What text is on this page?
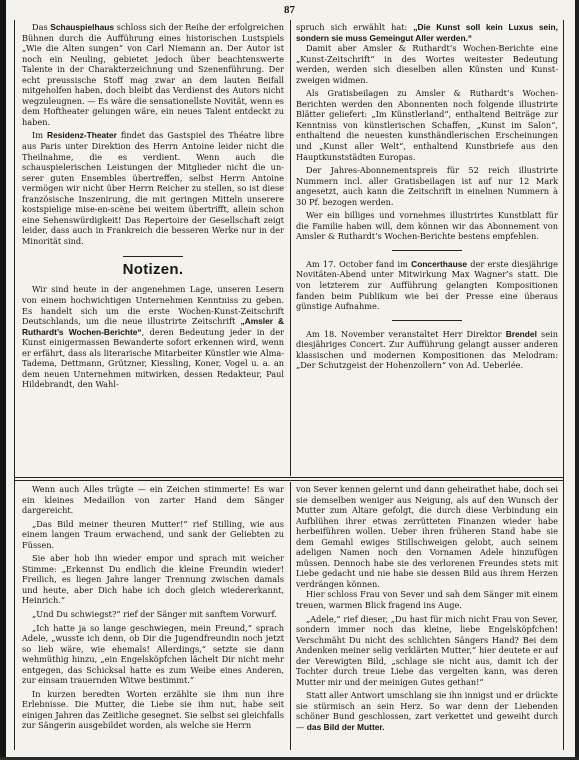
87

Das Schauspielhaus schloss sich der Reihe der erfolgreichen Bühnen durch die Aufführung eines historischen Lustspiels „Wie die Alten sungen“ von Carl Niemann an. Der Autor ist noch ein Neuling, gebietet jedoch über beachtenswerte Talente in der Charakterzeichnung und Szenenführung. Der echt preussische Stoff mag zwar an dem lauten Beifall mitgeholfen haben, doch bleibt das Verdienst des Autors nicht wegzuleugnen. — Es wäre die sensationellste Novität, wenn es dem Hoftheater gelungen wäre, ein neues Talent entdeckt zu haben.

Im Residenz-Theater findet das Gastspiel des Théatre libre aus Paris unter Direktion des Herrn Antoine leider nicht die Theilnahme, die es verdient. Wenn auch die schauspielerischen Leistungen der Mitglieder nicht die unserer guten Ensembles übertreffen, selbst Herrn Antoine vermögen wir nicht über Herrn Reicher zu stellen, so ist diese französische Inszenirung, die mit geringen Mitteln unserere kostspielige mise-en-scène bei weitem übertrifft, allein schon eine Sehenswürdigkeit! Das Repertoire der Gesellschaft zeigt leider, dass auch in Frankreich die besseren Werke nur in der Minorität sind.

Notizen.

Wir sind heute in der angenehmen Lage, unseren Lesern von einem hochwichtigen Unternehmen Kenntniss zu geben. Es handelt sich um die erste Wochen-Kunst-Zeitschrift Deutschlands, um die neue illustrirte Zeitschrift „Amsler & Ruthardt’s Wochen-Berichte“, deren Bedeutung jeder in der Kunst einigermassen Bewanderte sofort erkennen wird, wenn er erfährt, dass als literarische Mitarbeiter Künstler wie Alma-Tadema, Dettmann, Grützner, Kiessling, Koner, Vogel u. a. an dem neuen Unternehmen mitwirken, dessen Redakteur, Paul Hildebrandt, den Wahl-

spruch sich erwählt hat: „Die Kunst soll kein Luxus sein, sondern sie muss Gemeingut Aller werden.“

Damit aber Amsler & Ruthardt’s Wochen-Berichte eine „Kunst-Zeitschrift“ in des Wortes weitester Bedeutung werden, werden sich dieselben allen Künsten und Kunstzweigen widmen.

Als Gratisbeilagen zu Amsler & Ruthardt’s Wochen-Berichten werden den Abonnenten noch folgende illustrirte Blätter geliefert: „Im Künstlerland“, enthaltend Beiträge zur Kenntniss von künstlerischen Schaffen, „Kunst im Salon“, enthaltend die neuesten kunsthändlerischen Erscheinungen und „Kunst aller Welt“, enthaltend Kunstbriefe aus den Hauptkunststädten Europas.

Der Jahres-Abonnementspreis für 52 reich illustrirte Nummern incl. aller Gratisbeilagen ist auf nur 12 Mark angesetzt, auch kann die Zeitschrift in einelnen Nummern à 30 Pf. bezogen werden.

Wer ein billiges und vornehmes illustrirtes Kunstblatt für die Familie haben will, dem können wir das Abonnement von Amsler & Ruthardt’s Wochen-Berichte bestens empfehlen.

Am 17. October fand im Concerthause der erste diesjährige Novitäten-Abend unter Mitwirkung Max Wagner’s statt. Die von letzterem zur Aufführung gelangten Kompositionen fanden beim Publikum wie bei der Presse eine überaus günstige Aufnahme.

Am 18. November veranstaltet Herr Direktor Brendel sein diesjähriges Concert. Zur Aufführung gelangt ausser anderen klassischen und modernen Kompositionen das Melodram: „Der Schutzgeist der Hohenzollern“ von Ad. Ueberlée.

Wenn auch Alles trügte — ein Zeichen stimmerte! Es war ein kleines Medaillon von zarter Hand dem Sänger dargereicht.

„Das Bild meiner theuren Mutter!“ rief Stilling, wie aus einem langen Traum erwachend, und sank der Geliebten zu Füssen.

Sie aber hob ihn wieder empor und sprach mit weicher Stimme: „Erkennst Du endlich die kleine Freundin wieder! Freilich, es liegen Jahre langer Trennung zwischen damals und heute, aber Dich habe ich doch gleich wiedererkannt, Heinrich.“

„Und Du schwiegst?“ rief der Sänger mit sanftem Vorwurf.

„Ich hatte ja so lange geschwiegen, mein Freund,“ sprach Adele, „wusste ich denn, ob Dir die Jugendfreundin noch jetzt so lieb wäre, wie ehemals! Allerdings,“ setzte sie dann wehmüthig hinzu, „ein Engelsköpfchen lächelt Dir nicht mehr entgegen, das Schicksal hatte es zum Weibe eines Anderen, zur einsam trauernden Witwe bestimmt.“

In kurzen beredten Worten erzählte sie ihm nun ihre Erlebnisse. Die Mutter, die Liebe sie ihm nut, habe seit einigen Jahren das Zeitliche gesegnet. Sie selbst sei gleichfalls zur Sängerin ausgebildet worden, als welche sie Herrn

von Sever kennen gelernt und dann geheirathet habe, doch sei sie demselben weniger aus Neigung, als auf den Wunsch der Mutter zum Altare gefolgt, die durch diese Verbindung ein Aufblühen ihrer etwas zerrütteten Finanzen wieder habe herbeiführen wollen. Ueber ihren früheren Stand habe sie dem Gemahl ewiges Stillschweigen gelobt, auch seinem adeligen Namen noch den Vornamen Adele hinzufügen müssen. Dennoch habe sie des verlorenen Freundes stets mit Liebe gedacht und nie habe sie dessen Bild aus ihrem Herzen verdrängen können.

Hier schloss Frau von Sever und sah dem Sänger mit einem treuen, warmen Blick fragend ins Auge.

„Adele,“ rief dieser, „Du hast für mich nicht Frau von Sever, sondern immer noch das kleine, liebe Engelsköpfchen! Verschmäht Du nicht des schlichten Sängers Hand? Bei dem Andenken meiner selig verklärten Mutter,“ hier deutete er auf der Verewigten Bild, „schlage sie nicht aus, damit ich der Tochter durch treue Liebe das vergelten kann, was deren Mutter mir und der meinigen Gutes gethan!“

Statt aller Antwort umschlang sie ihn innigst und er drückte sie stürmisch an sein Herz. So war denn der Liebenden schöner Bund geschlossen, zart verkettet und geweiht durch — das Bild der Mutter.
